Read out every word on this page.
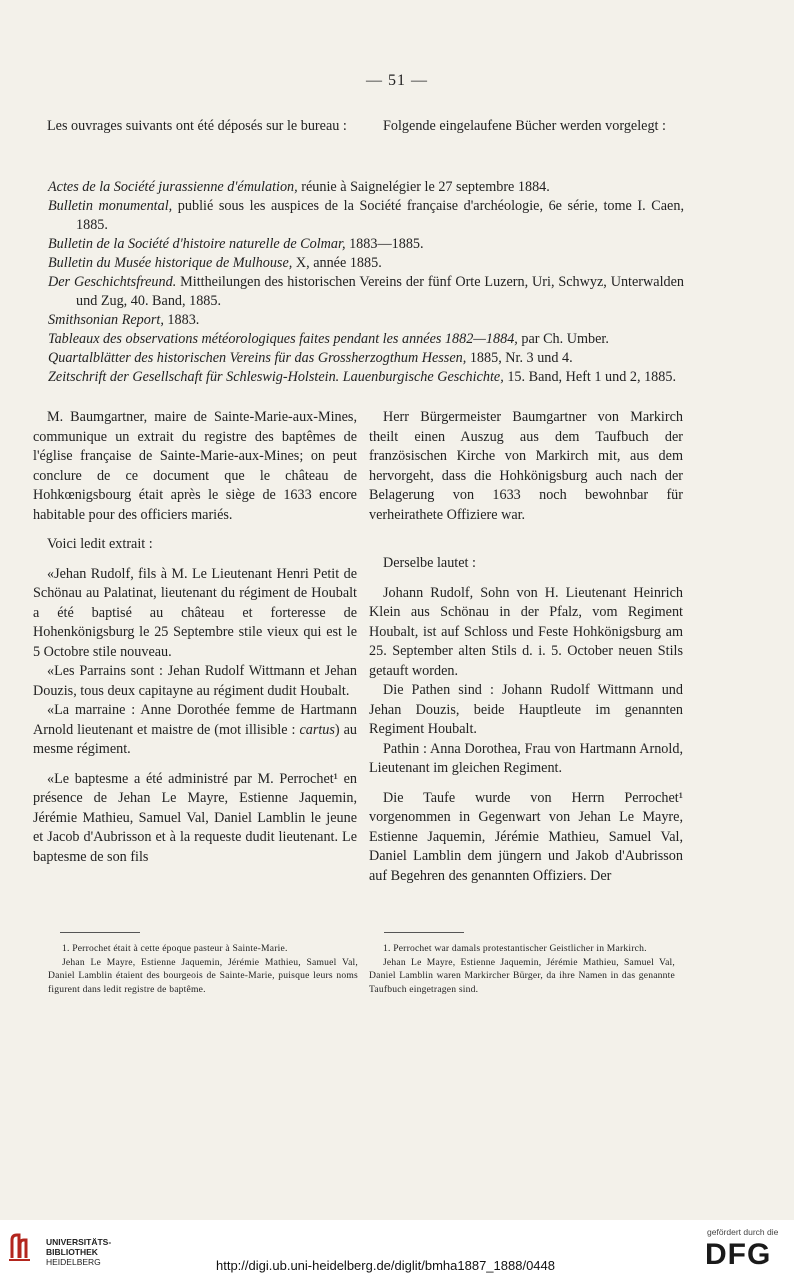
— 51 —

Les ouvrages suivants ont été déposés sur le bureau :	Folgende eingelaufene Bücher werden vorgelegt :

Actes de la Société jurassienne d'émulation, réunie à Saignelégier le 27 septembre 1884.
Bulletin monumental, publié sous les auspices de la Société française d'archéologie, 6e série, tome I. Caen, 1885.
Bulletin de la Société d'histoire naturelle de Colmar, 1883—1885.
Bulletin du Musée historique de Mulhouse, X, année 1885.
Der Geschichtsfreund. Mittheilungen des historischen Vereins der fünf Orte Luzern, Uri, Schwyz, Unterwalden und Zug, 40. Band, 1885.
Smithsonian Report, 1883.
Tableaux des observations météorologiques faites pendant les années 1882—1884, par Ch. Umber.
Quartalblätter des historischen Vereins für das Grossherzogthum Hessen, 1885, Nr. 3 und 4.
Zeitschrift der Gesellschaft für Schleswig-Holstein. Lauenburgische Geschichte, 15. Band, Heft 1 und 2, 1885.

M. Baumgartner, maire de Sainte-Marie-aux-Mines, communique un extrait du registre des baptêmes de l'église française de Sainte-Marie-aux-Mines; on peut conclure de ce document que le château de Hohkœnigsbourg était après le siège de 1633 encore habitable pour des officiers mariés.

Voici ledit extrait :

«Jehan Rudolf, fils à M. Le Lieutenant Henri Petit de Schönau au Palatinat, lieutenant du régiment de Houbalt a été baptisé au château et forteresse de Hohenkönigsburg le 25 Septembre stile vieux qui est le 5 Octobre stile nouveau.

«Les Parrains sont : Jehan Rudolf Wittmann et Jehan Douzis, tous deux capitayne au régiment dudit Houbalt.

«La marraine : Anne Dorothée femme de Hartmann Arnold lieutenant et maistre de (mot illisible : cartus) au mesme régiment.

«Le baptesme a été administré par M. Perrochet¹ en présence de Jehan Le Mayre, Estienne Jaquemin, Jérémie Mathieu, Samuel Val, Daniel Lamblin le jeune et Jacob d'Aubrisson et à la requeste dudit lieutenant. Le baptesme de son fils

Herr Bürgermeister Baumgartner von Markirch theilt einen Auszug aus dem Taufbuch der französischen Kirche von Markirch mit, aus dem hervorgeht, dass die Hohkönigsburg auch nach der Belagerung von 1633 noch bewohnbar für verheirathete Offiziere war.

Derselbe lautet :

Johann Rudolf, Sohn von H. Lieutenant Heinrich Klein aus Schönau in der Pfalz, vom Regiment Houbalt, ist auf Schloss und Feste Hohkönigsburg am 25. September alten Stils d. i. 5. October neuen Stils getauft worden.

Die Pathen sind : Johann Rudolf Wittmann und Jehan Douzis, beide Hauptleute im genannten Regiment Houbalt.

Pathin : Anna Dorothea, Frau von Hartmann Arnold, Lieutenant im gleichen Regiment.

Die Taufe wurde von Herrn Perrochet¹ vorgenommen in Gegenwart von Jehan Le Mayre, Estienne Jaquemin, Jérémie Mathieu, Samuel Val, Daniel Lamblin dem jüngern und Jakob d'Aubrisson auf Begehren des genannten Offiziers. Der

1. Perrochet était à cette époque pasteur à Sainte-Marie.

Jehan Le Mayre, Estienne Jaquemin, Jérémie Mathieu, Samuel Val, Daniel Lamblin étaient des bourgeois de Sainte-Marie, puisque leurs noms figurent dans ledit registre de baptême.

1. Perrochet war damals protestantischer Geistlicher in Markirch.

Jehan Le Mayre, Estienne Jaquemin, Jérémie Mathieu, Samuel Val, Daniel Lamblin waren Markircher Bürger, da ihre Namen in das genannte Taufbuch eingetragen sind.

UNIVERSITÄTS-
BIBLIOTHEK
HEIDELBERG	http://digi.ub.uni-heidelberg.de/diglit/bmha1887_1888/0448
gefördert durch die
DFG
